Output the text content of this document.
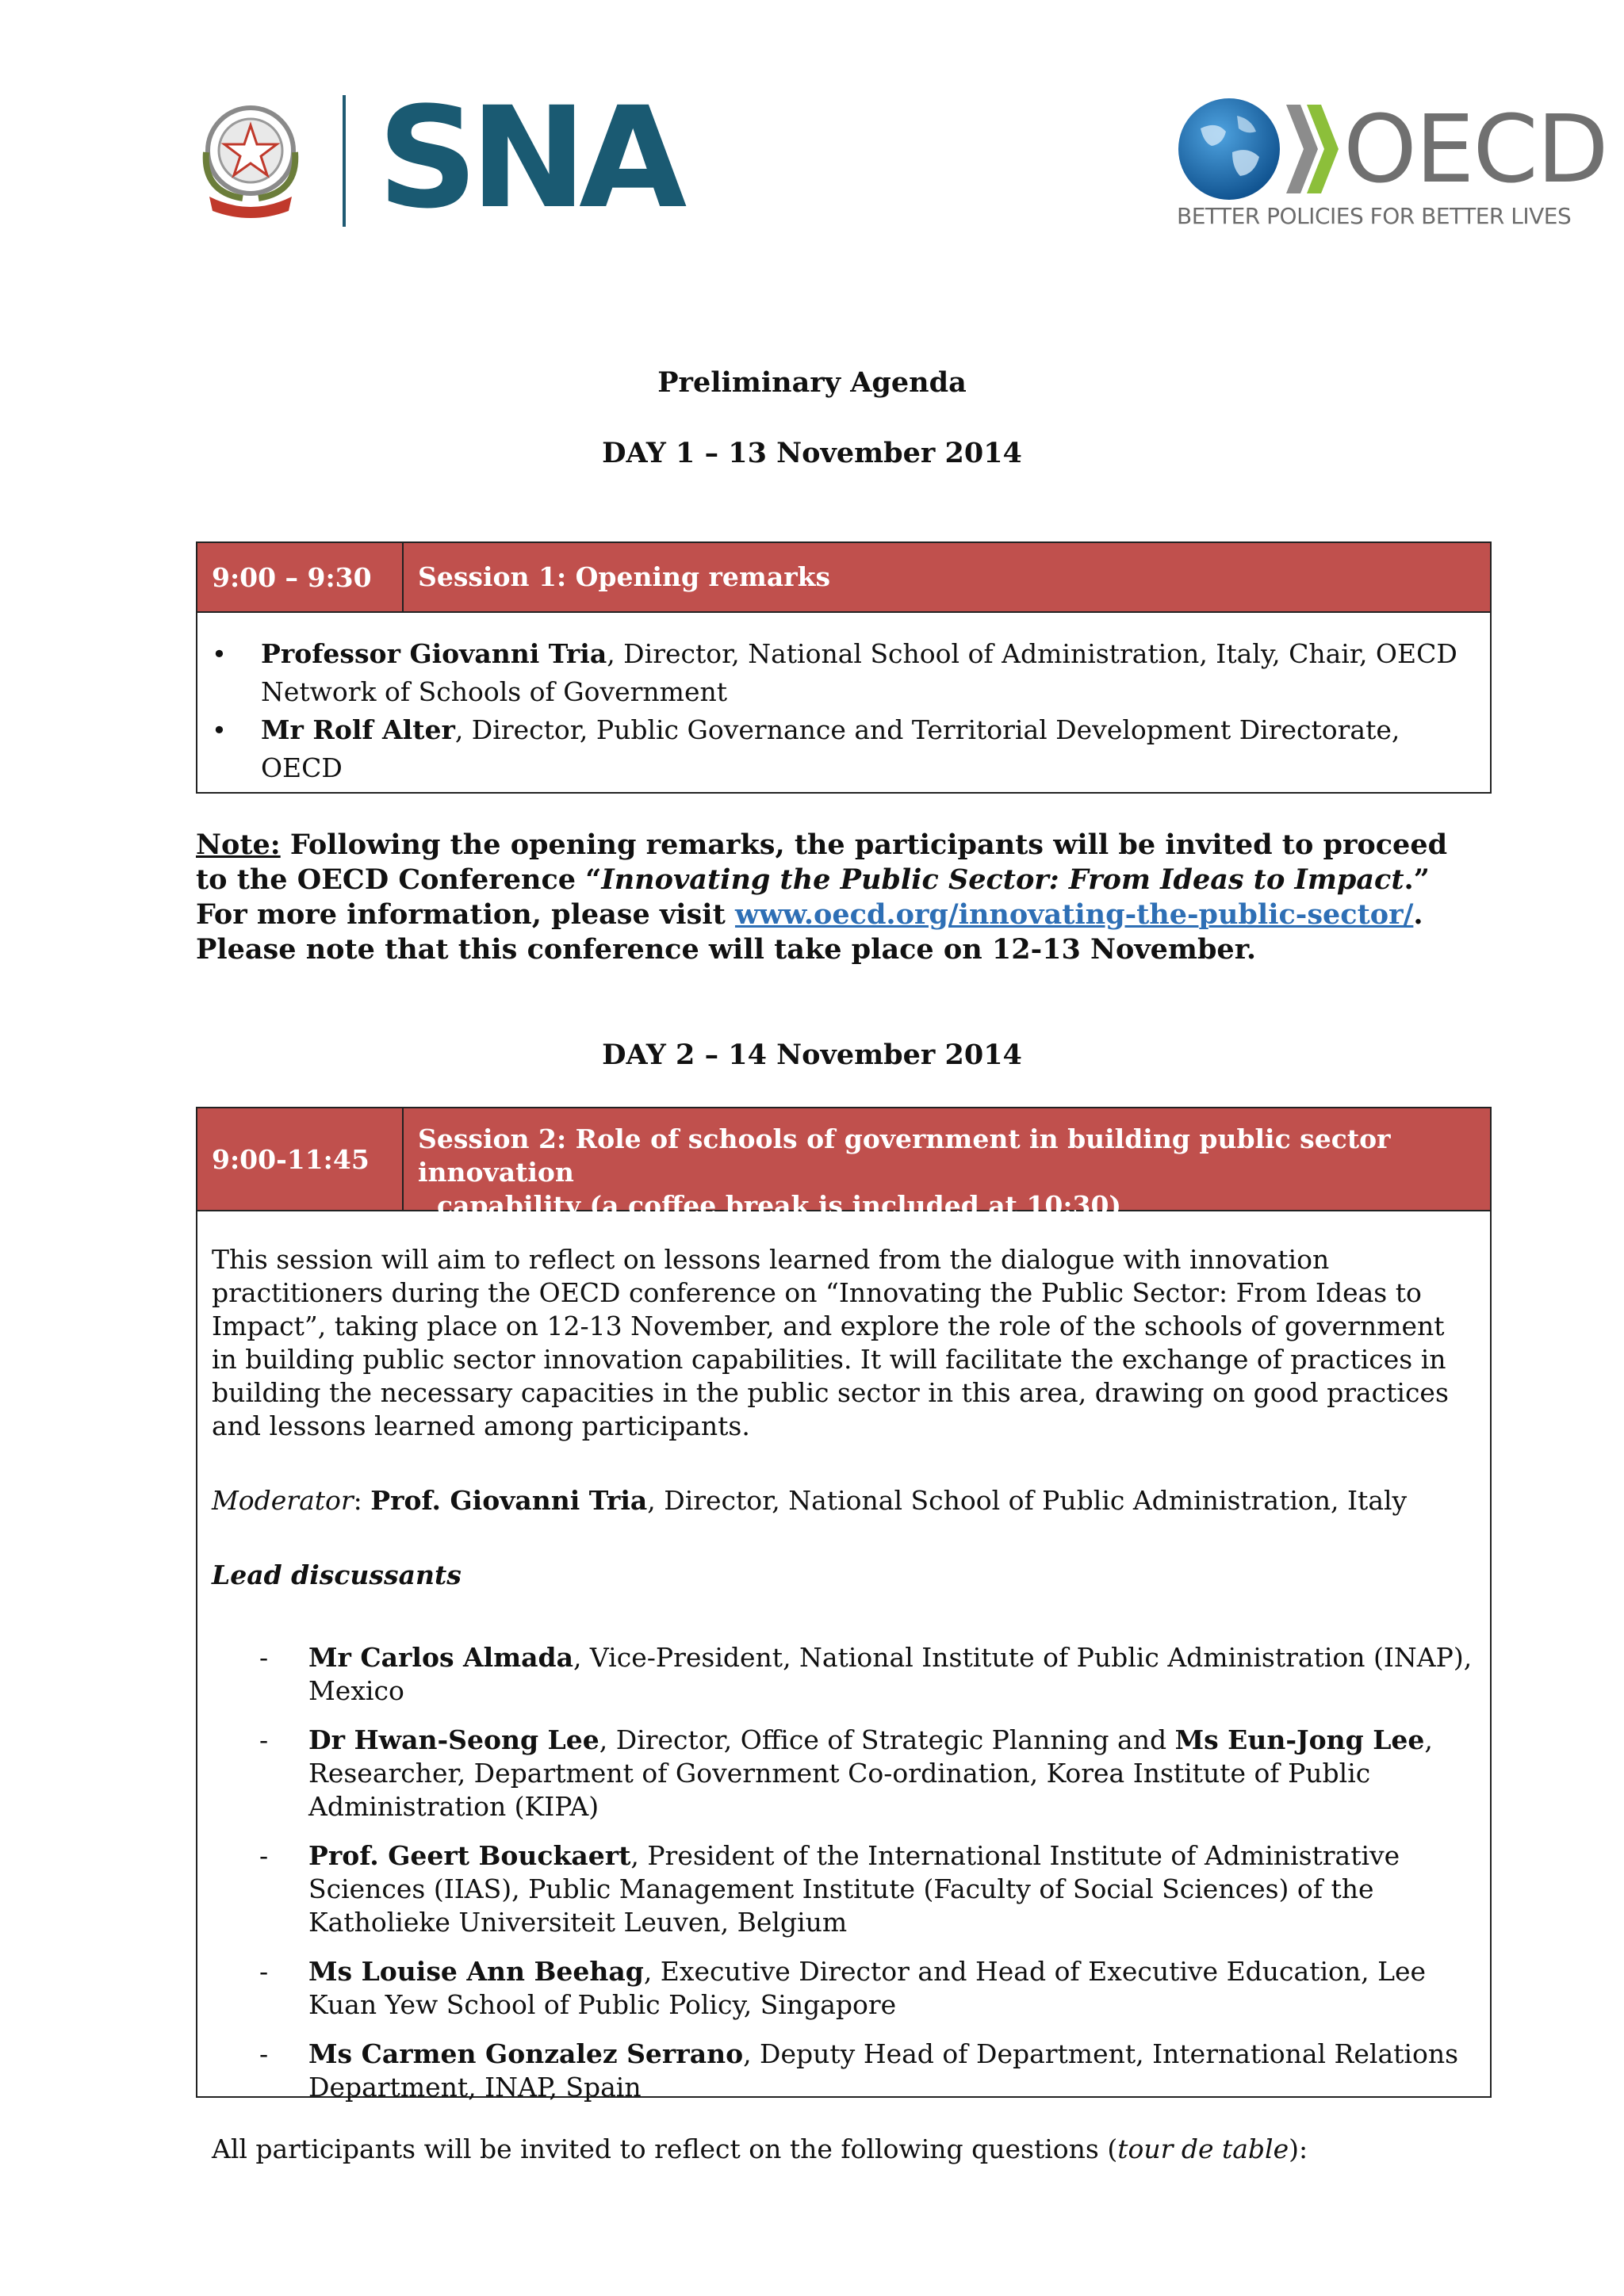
SNA	OECD
BETTER POLICIES FOR BETTER LIVES
Preliminary Agenda
DAY 1 – 13 November 2014
9:00 – 9:30	Session 1: Opening remarks
• Professor Giovanni Tria, Director, National School of Administration, Italy, Chair, OECD Network of Schools of Government
• Mr Rolf Alter, Director, Public Governance and Territorial Development Directorate, OECD
Note: Following the opening remarks, the participants will be invited to proceed to the OECD Conference “Innovating the Public Sector: From Ideas to Impact.” For more information, please visit www.oecd.org/innovating-the-public-sector/. Please note that this conference will take place on 12-13 November.
DAY 2 – 14 November 2014
9:00-11:45
Session 2: Role of schools of government in building public sector innovation
capability (a coffee break is included at 10:30)
This session will aim to reflect on lessons learned from the dialogue with innovation practitioners during the OECD conference on “Innovating the Public Sector: From Ideas to Impact”, taking place on 12-13 November, and explore the role of the schools of government in building public sector innovation capabilities. It will facilitate the exchange of practices in building the necessary capacities in the public sector in this area, drawing on good practices and lessons learned among participants.
Moderator: Prof. Giovanni Tria, Director, National School of Public Administration, Italy
Lead discussants
- Mr Carlos Almada, Vice-President, National Institute of Public Administration (INAP), Mexico
- Dr Hwan-Seong Lee, Director, Office of Strategic Planning and Ms Eun-Jong Lee, Researcher, Department of Government Co-ordination, Korea Institute of Public Administration (KIPA)
- Prof. Geert Bouckaert, President of the International Institute of Administrative Sciences (IIAS), Public Management Institute (Faculty of Social Sciences) of the Katholieke Universiteit Leuven, Belgium
- Ms Louise Ann Beehag, Executive Director and Head of Executive Education, Lee Kuan Yew School of Public Policy, Singapore
- Ms Carmen Gonzalez Serrano, Deputy Head of Department, International Relations Department, INAP, Spain
All participants will be invited to reflect on the following questions (tour de table):
